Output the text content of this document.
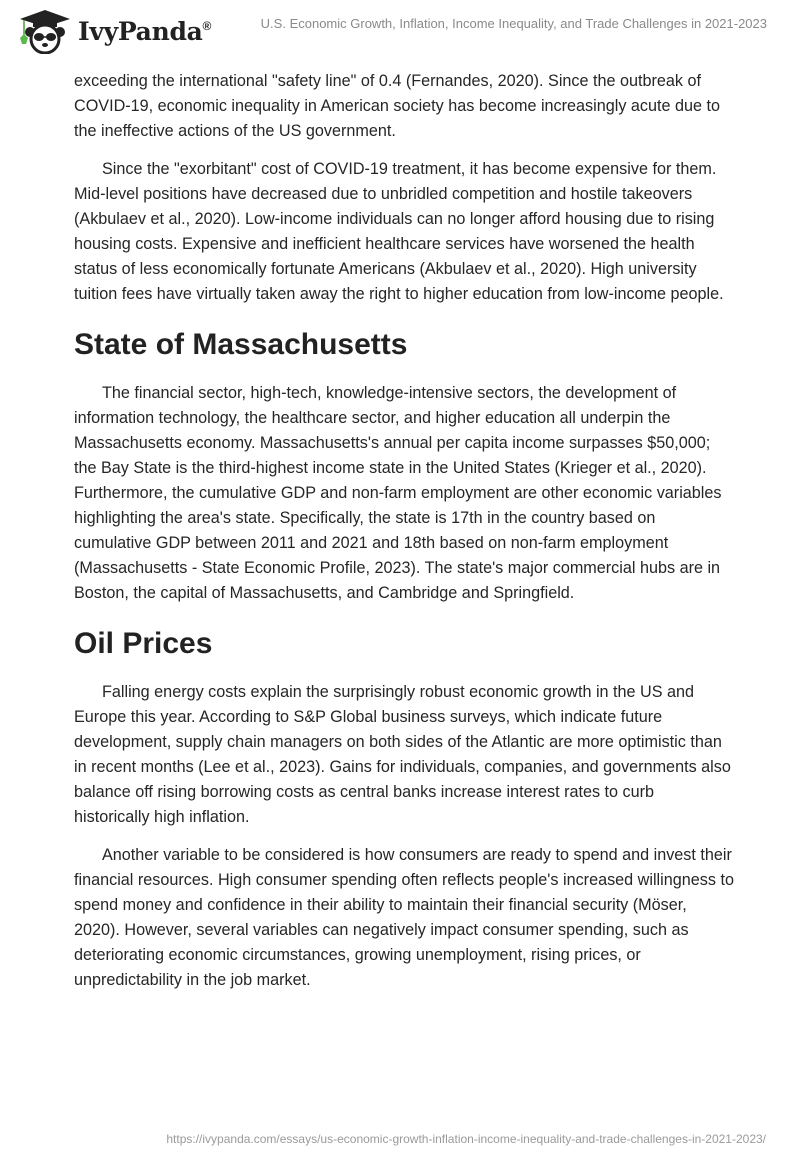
IvyPanda®	U.S. Economic Growth, Inflation, Income Inequality, and Trade Challenges in 2021-2023

exceeding the international "safety line" of 0.4 (Fernandes, 2020). Since the outbreak of COVID-19, economic inequality in American society has become increasingly acute due to the ineffective actions of the US government.

Since the "exorbitant" cost of COVID-19 treatment, it has become expensive for them. Mid-level positions have decreased due to unbridled competition and hostile takeovers (Akbulaev et al., 2020). Low-income individuals can no longer afford housing due to rising housing costs. Expensive and inefficient healthcare services have worsened the health status of less economically fortunate Americans (Akbulaev et al., 2020). High university tuition fees have virtually taken away the right to higher education from low-income people.

State of Massachusetts

The financial sector, high-tech, knowledge-intensive sectors, the development of information technology, the healthcare sector, and higher education all underpin the Massachusetts economy. Massachusetts's annual per capita income surpasses $50,000; the Bay State is the third-highest income state in the United States (Krieger et al., 2020). Furthermore, the cumulative GDP and non-farm employment are other economic variables highlighting the area's state. Specifically, the state is 17th in the country based on cumulative GDP between 2011 and 2021 and 18th based on non-farm employment (Massachusetts - State Economic Profile, 2023). The state's major commercial hubs are in Boston, the capital of Massachusetts, and Cambridge and Springfield.

Oil Prices

Falling energy costs explain the surprisingly robust economic growth in the US and Europe this year. According to S&P Global business surveys, which indicate future development, supply chain managers on both sides of the Atlantic are more optimistic than in recent months (Lee et al., 2023). Gains for individuals, companies, and governments also balance off rising borrowing costs as central banks increase interest rates to curb historically high inflation.

Another variable to be considered is how consumers are ready to spend and invest their financial resources. High consumer spending often reflects people's increased willingness to spend money and confidence in their ability to maintain their financial security (Möser, 2020). However, several variables can negatively impact consumer spending, such as deteriorating economic circumstances, growing unemployment, rising prices, or unpredictability in the job market.

https://ivypanda.com/essays/us-economic-growth-inflation-income-inequality-and-trade-challenges-in-2021-2023/
